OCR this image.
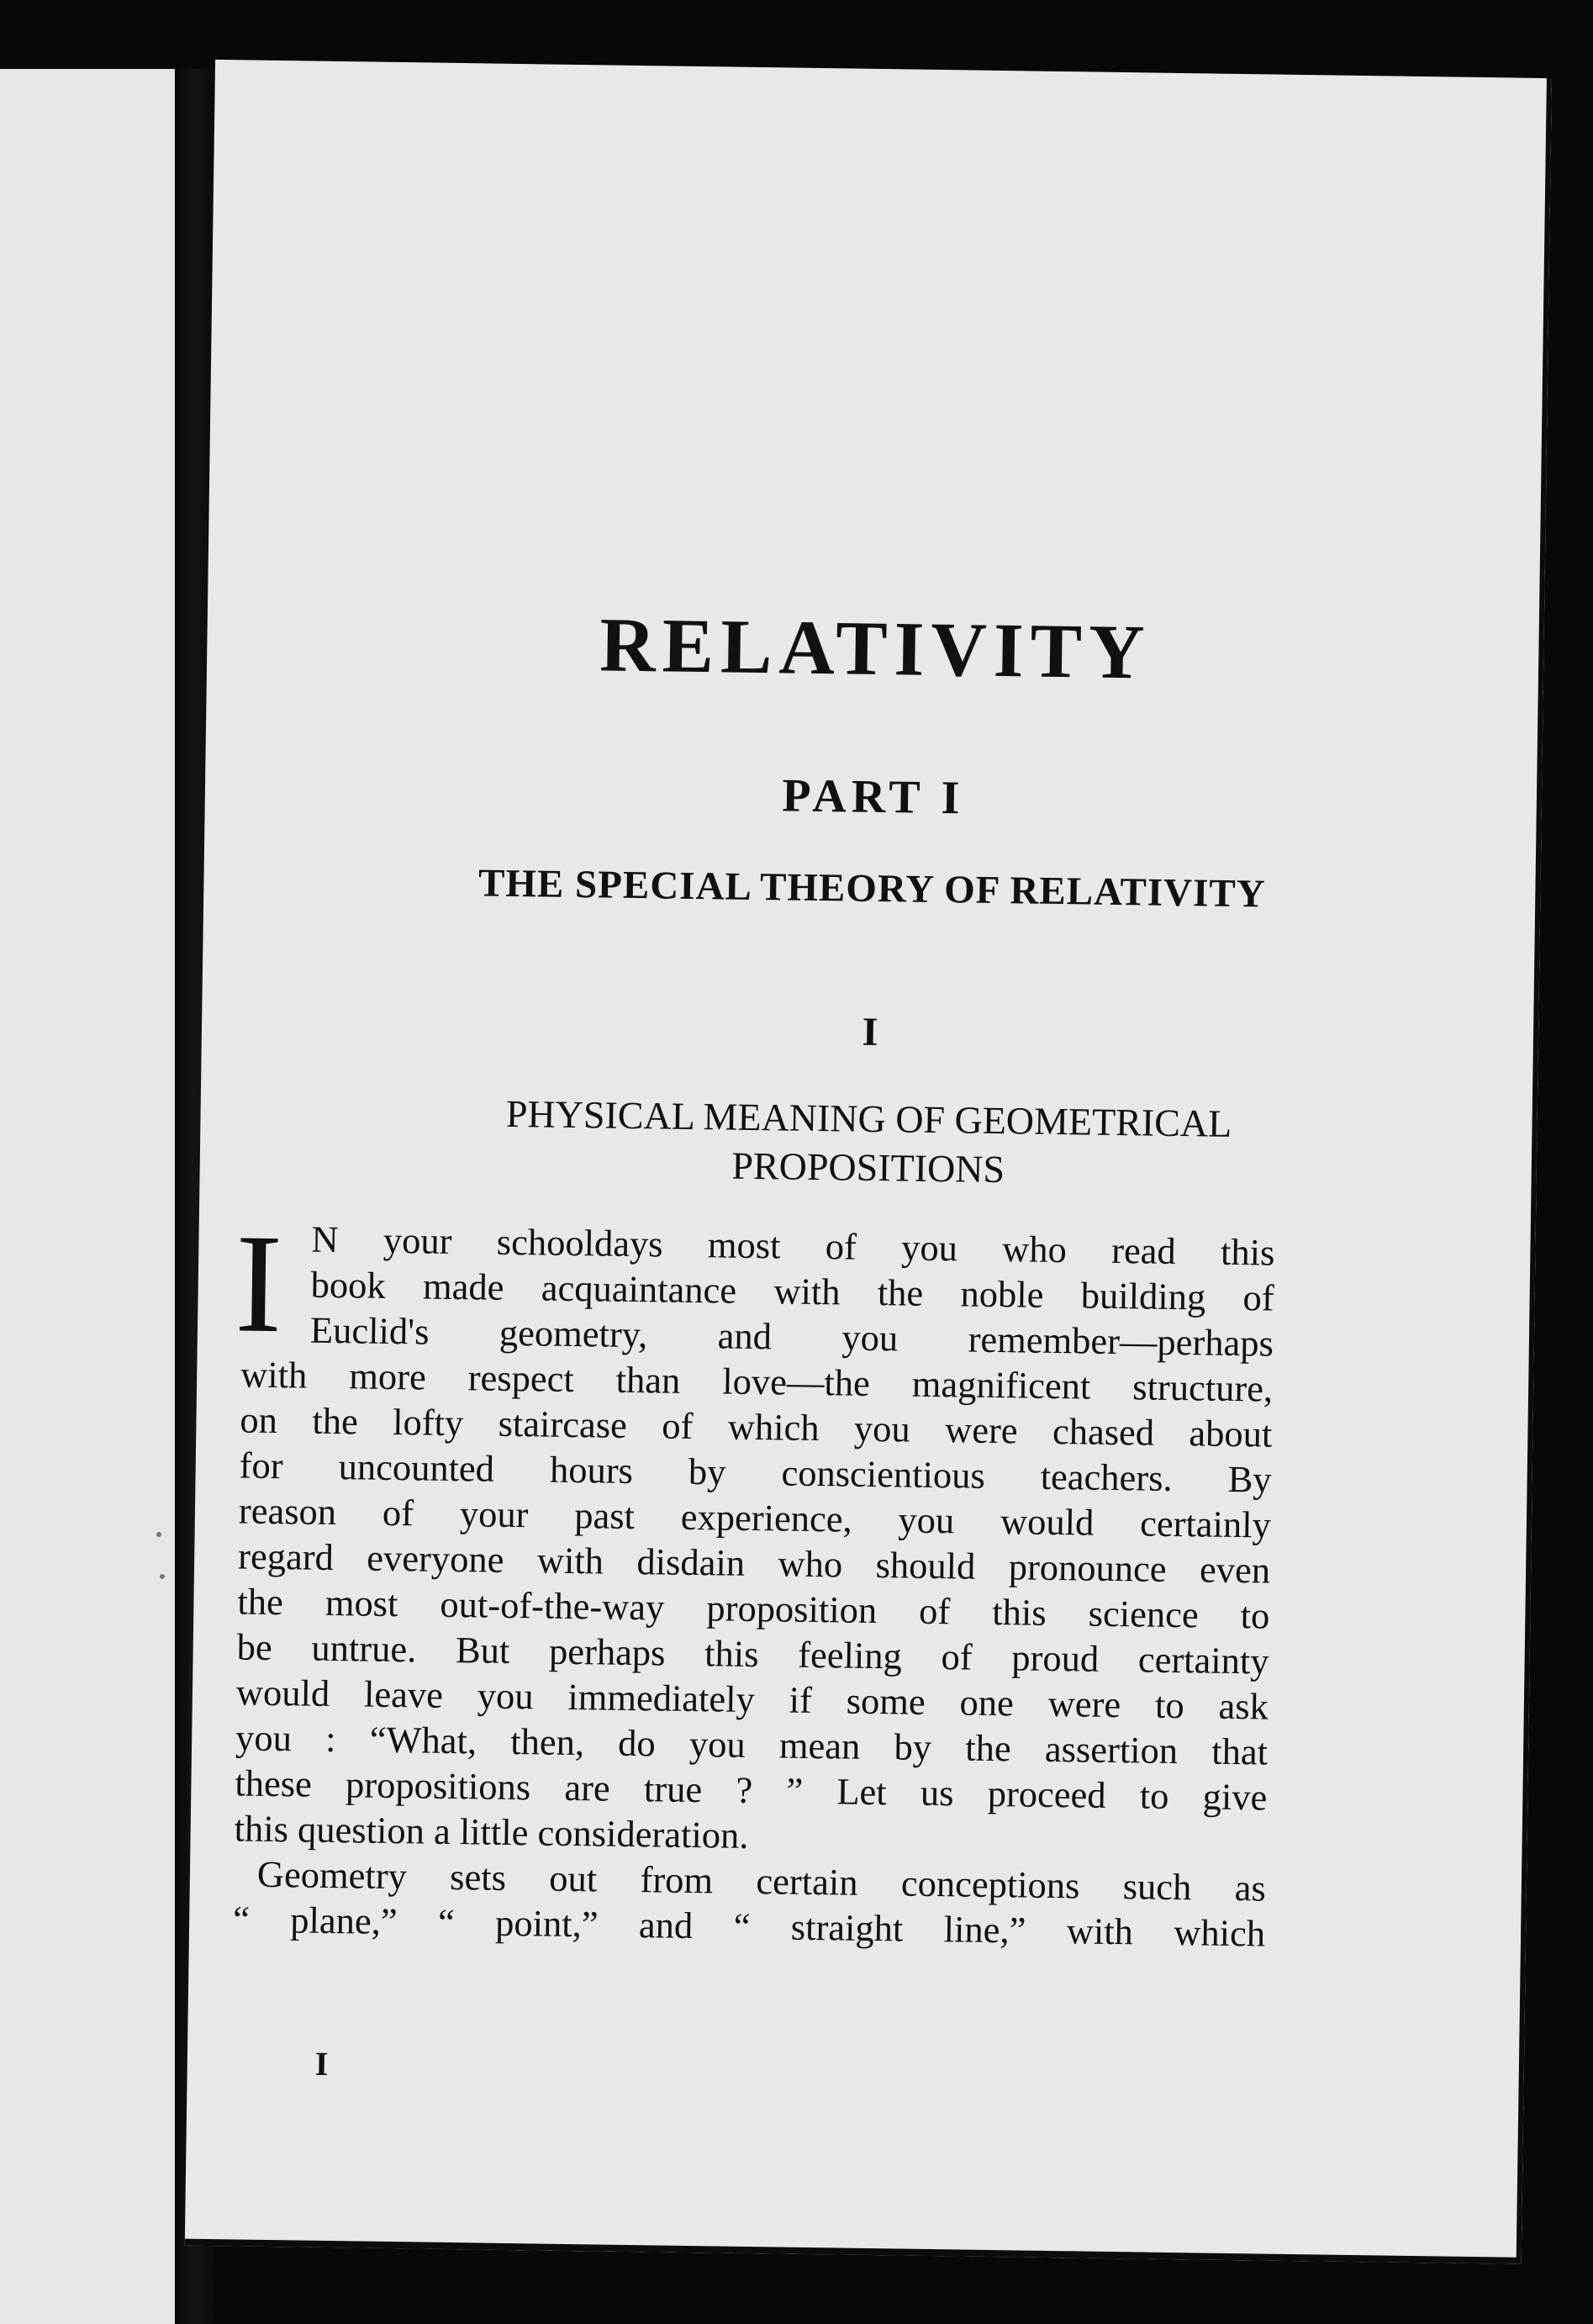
RELATIVITY
PART I
THE SPECIAL THEORY OF RELATIVITY
I
PHYSICAL MEANING OF GEOMETRICAL
PROPOSITIONS
I N your schooldays most of you who read this
book made acquaintance with the noble building of
Euclid's geometry, and you remember—perhaps
with more respect than love—the magnificent structure,
on the lofty staircase of which you were chased about
for uncounted hours by conscientious teachers. By
reason of your past experience, you would certainly
regard everyone with disdain who should pronounce even
the most out-of-the-way proposition of this science to
be untrue. But perhaps this feeling of proud certainty
would leave you immediately if some one were to ask
you : “What, then, do you mean by the assertion that
these propositions are true ? ” Let us proceed to give
this question a little consideration.
Geometry sets out from certain conceptions such as
“ plane,” “ point,” and “ straight line,” with which
I
